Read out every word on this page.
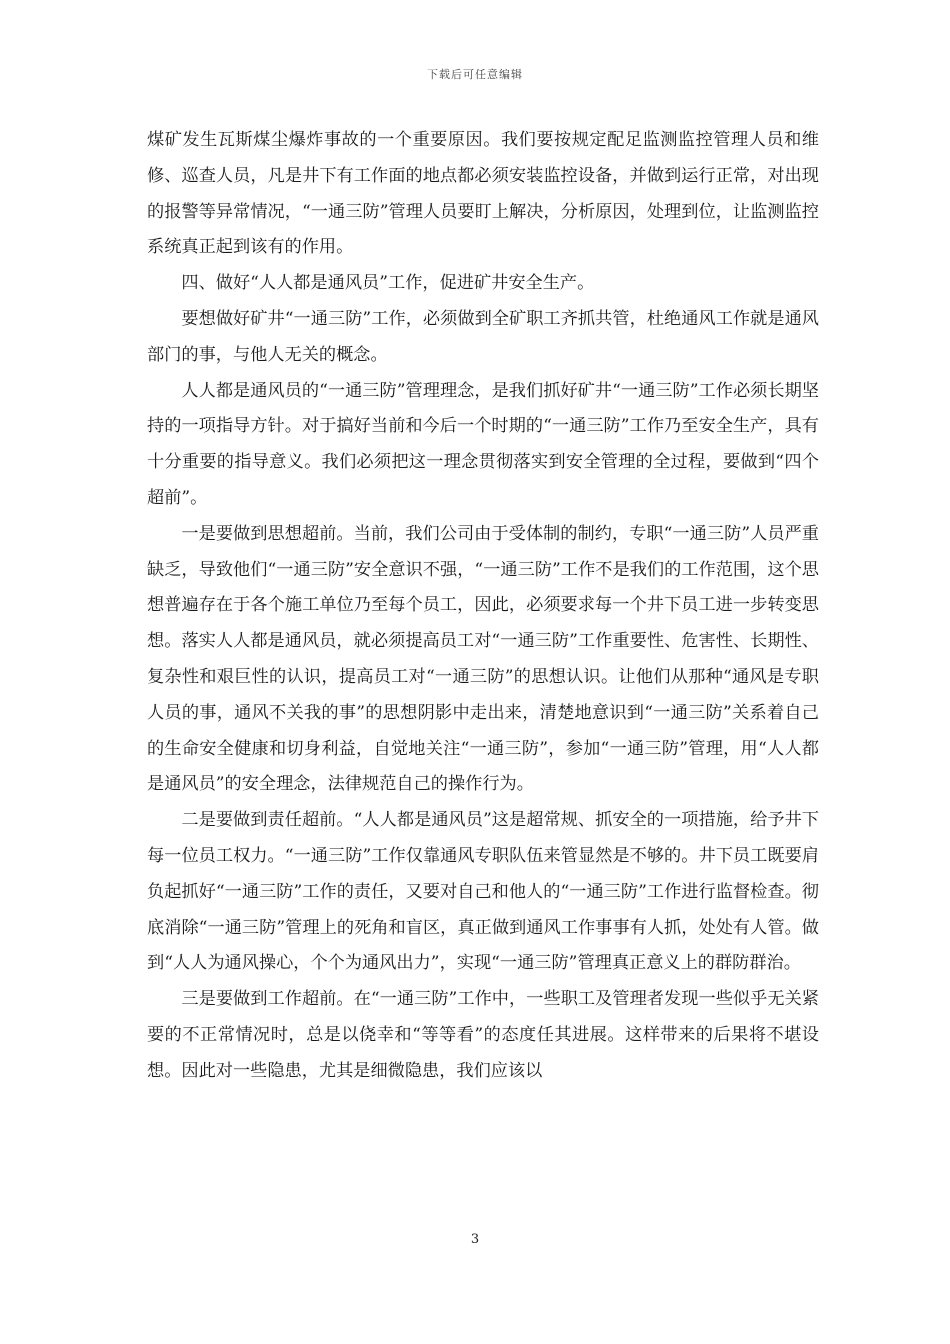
下载后可任意编辑

煤矿发生瓦斯煤尘爆炸事故的一个重要原因。我们要按规定配足监测监控管理人员和维修、巡查人员，凡是井下有工作面的地点都必须安装监控设备，并做到运行正常，对出现的报警等异常情况，“一通三防”管理人员要盯上解决，分析原因，处理到位，让监测监控系统真正起到该有的作用。

四、做好“人人都是通风员”工作，促进矿井安全生产。

要想做好矿井“一通三防”工作，必须做到全矿职工齐抓共管，杜绝通风工作就是通风部门的事，与他人无关的概念。

人人都是通风员的“一通三防”管理理念，是我们抓好矿井“一通三防”工作必须长期坚持的一项指导方针。对于搞好当前和今后一个时期的“一通三防”工作乃至安全生产，具有十分重要的指导意义。我们必须把这一理念贯彻落实到安全管理的全过程，要做到“四个超前”。

一是要做到思想超前。当前，我们公司由于受体制的制约，专职“一通三防”人员严重缺乏，导致他们“一通三防”安全意识不强，“一通三防”工作不是我们的工作范围，这个思想普遍存在于各个施工单位乃至每个员工，因此，必须要求每一个井下员工进一步转变思想。落实人人都是通风员，就必须提高员工对“一通三防”工作重要性、危害性、长期性、复杂性和艰巨性的认识，提高员工对“一通三防”的思想认识。让他们从那种“通风是专职人员的事，通风不关我的事”的思想阴影中走出来，清楚地意识到“一通三防”关系着自己的生命安全健康和切身利益，自觉地关注“一通三防”，参加“一通三防”管理，用“人人都是通风员”的安全理念，法律规范自己的操作行为。

二是要做到责任超前。“人人都是通风员”这是超常规、抓安全的一项措施，给予井下每一位员工权力。“一通三防”工作仅靠通风专职队伍来管显然是不够的。井下员工既要肩负起抓好“一通三防”工作的责任，又要对自己和他人的“一通三防”工作进行监督检查。彻底消除“一通三防”管理上的死角和盲区，真正做到通风工作事事有人抓，处处有人管。做到“人人为通风操心，个个为通风出力”，实现“一通三防”管理真正意义上的群防群治。

三是要做到工作超前。在“一通三防”工作中，一些职工及管理者发现一些似乎无关紧要的不正常情况时，总是以侥幸和“等等看”的态度任其进展。这样带来的后果将不堪设想。因此对一些隐患，尤其是细微隐患，我们应该以

3
